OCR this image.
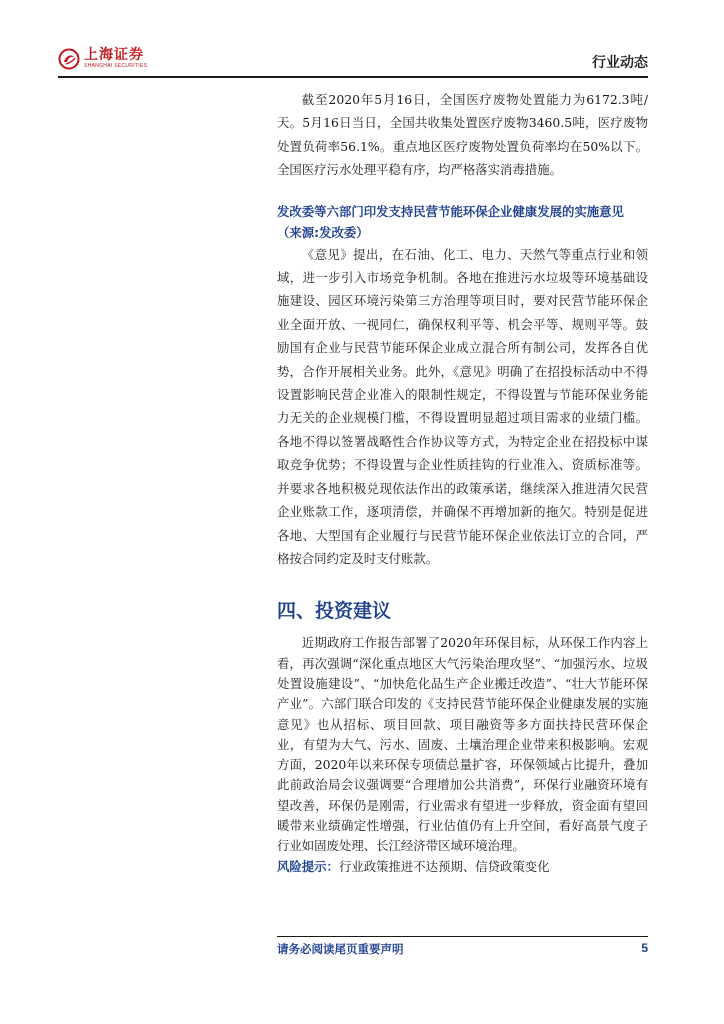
上海证券
SHANGHAI SECURITIES	行业动态

截至2020年5月16日，全国医疗废物处置能力为6172.3吨/天。5月16日当日，全国共收集处置医疗废物3460.5吨，医疗废物处置负荷率56.1%。重点地区医疗废物处置负荷率均在50%以下。全国医疗污水处理平稳有序，均严格落实消毒措施。

发改委等六部门印发支持民营节能环保企业健康发展的实施意见（来源:发改委）

《意见》提出，在石油、化工、电力、天然气等重点行业和领域，进一步引入市场竞争机制。各地在推进污水垃圾等环境基础设施建设、园区环境污染第三方治理等项目时，要对民营节能环保企业全面开放、一视同仁，确保权利平等、机会平等、规则平等。鼓励国有企业与民营节能环保企业成立混合所有制公司，发挥各自优势，合作开展相关业务。此外，《意见》明确了在招投标活动中不得设置影响民营企业准入的限制性规定，不得设置与节能环保业务能力无关的企业规模门槛，不得设置明显超过项目需求的业绩门槛。各地不得以签署战略性合作协议等方式，为特定企业在招投标中谋取竞争优势；不得设置与企业性质挂钩的行业准入、资质标准等。并要求各地积极兑现依法作出的政策承诺，继续深入推进清欠民营企业账款工作，逐项清偿，并确保不再增加新的拖欠。特别是促进各地、大型国有企业履行与民营节能环保企业依法订立的合同，严格按合同约定及时支付账款。

四、投资建议

近期政府工作报告部署了2020年环保目标，从环保工作内容上看，再次强调“深化重点地区大气污染治理攻坚”、“加强污水、垃圾处置设施建设”、“加快危化品生产企业搬迁改造”、“壮大节能环保产业”。六部门联合印发的《支持民营节能环保企业健康发展的实施意见》也从招标、项目回款、项目融资等多方面扶持民营环保企业，有望为大气、污水、固废、土壤治理企业带来积极影响。宏观方面，2020年以来环保专项债总量扩容，环保领域占比提升，叠加此前政治局会议强调要“合理增加公共消费”，环保行业融资环境有望改善，环保仍是刚需，行业需求有望进一步释放，资金面有望回暖带来业绩确定性增强，行业估值仍有上升空间，看好高景气度子行业如固废处理、长江经济带区域环境治理。

风险提示：行业政策推进不达预期、信贷政策变化

请务必阅读尾页重要声明	5
